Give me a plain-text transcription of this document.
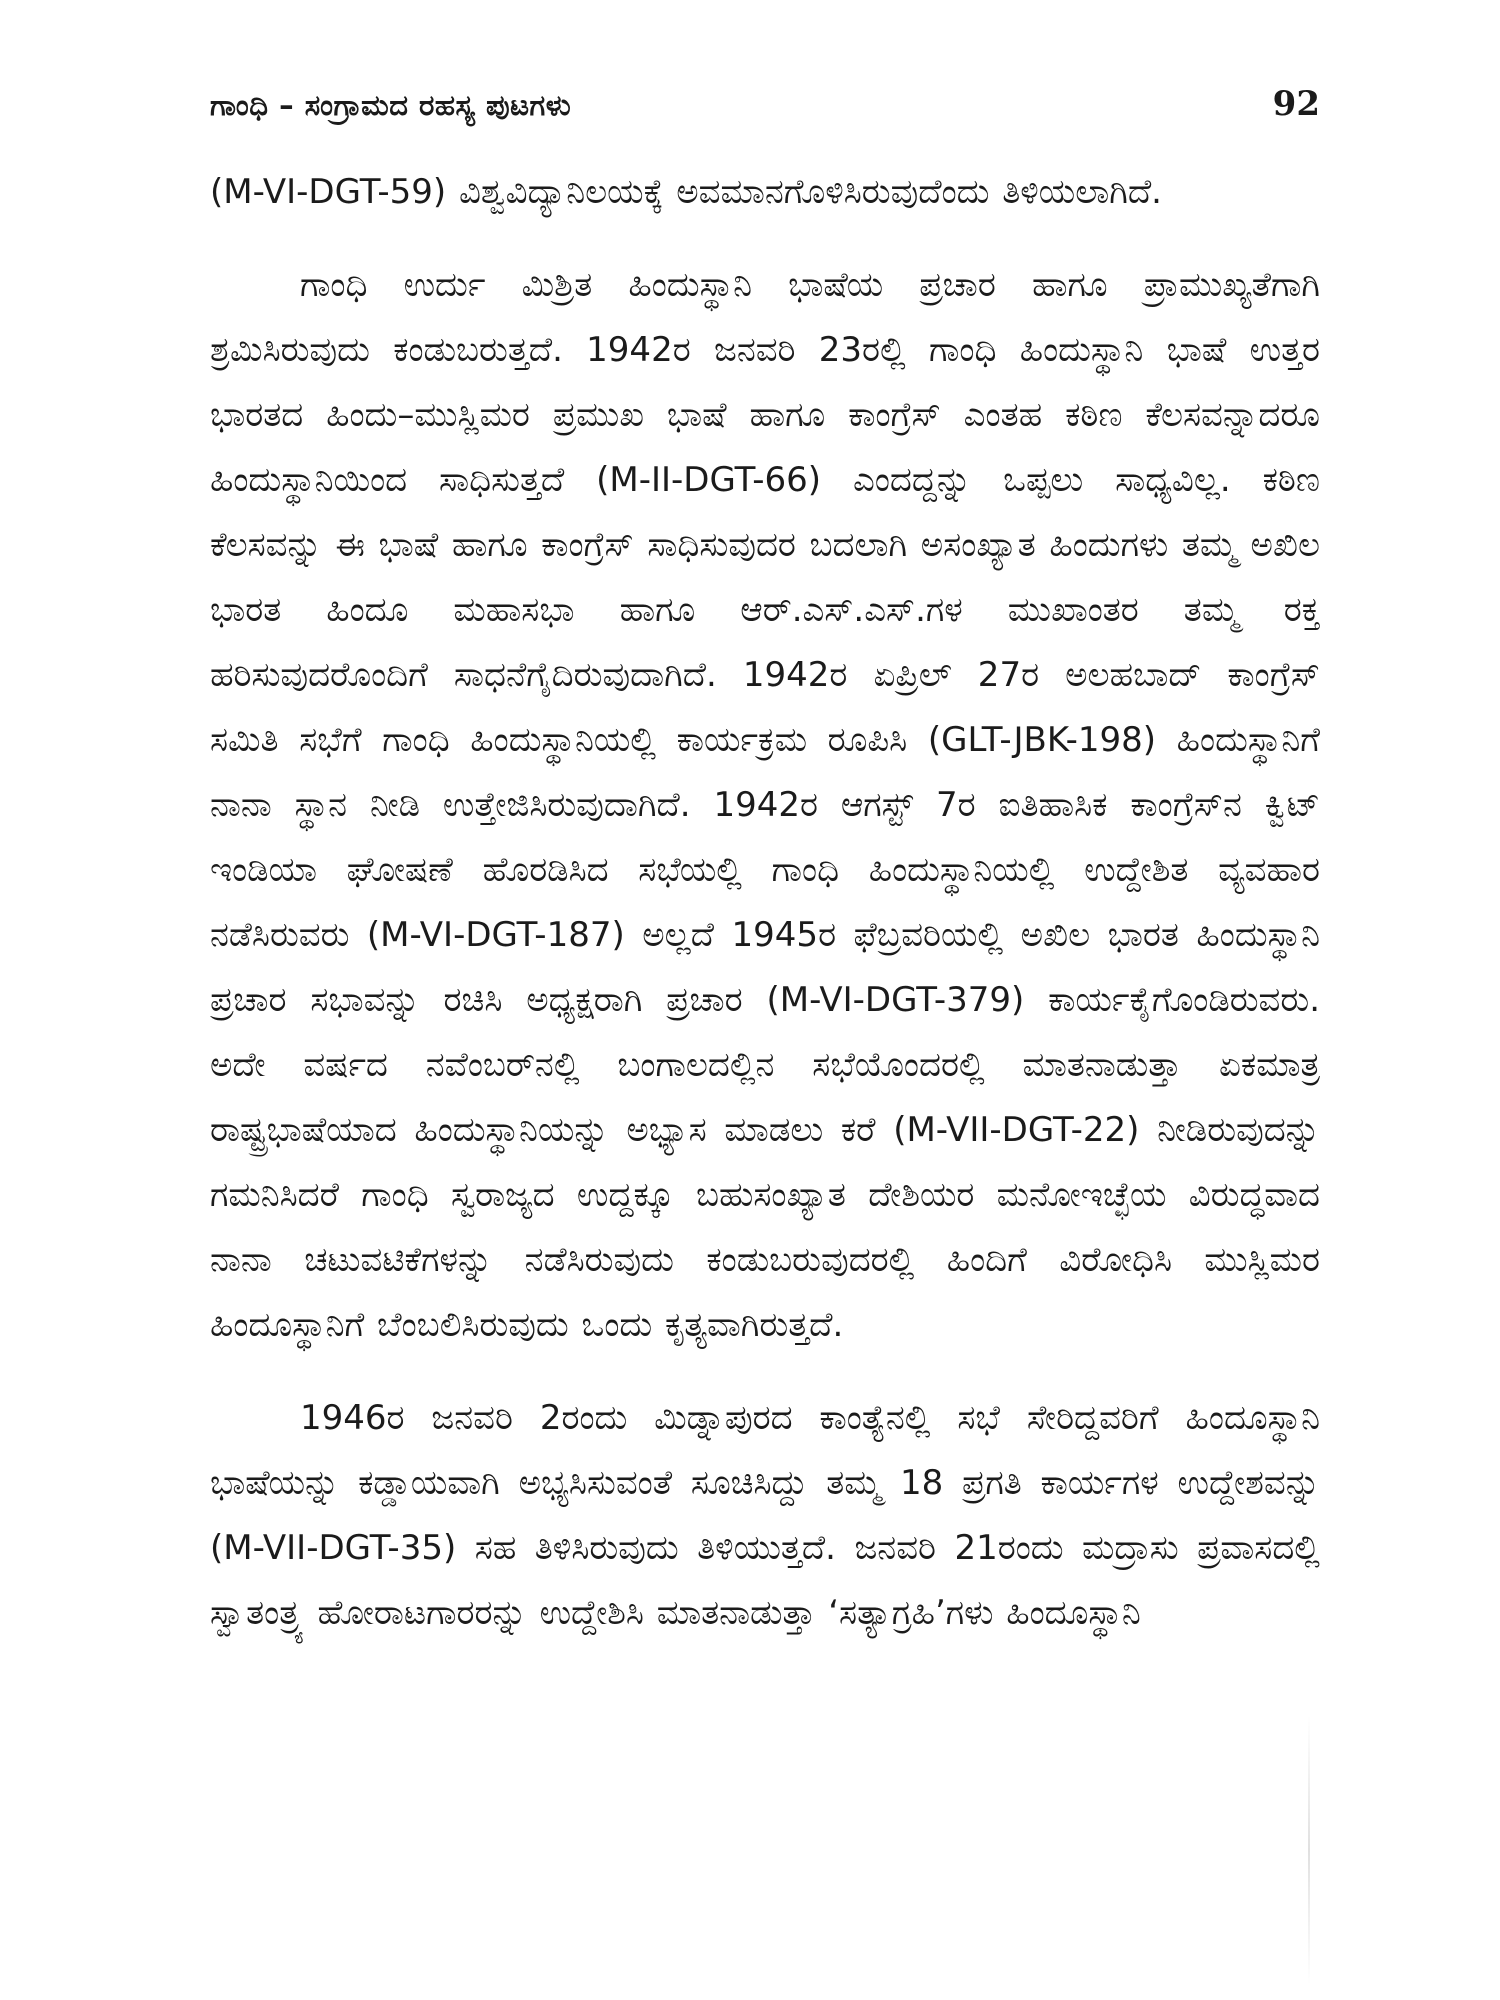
ಗಾಂಧಿ – ಸಂಗ್ರಾಮದ ರಹಸ್ಯ ಪುಟಗಳು	92

(M-VI-DGT-59) ವಿಶ್ವವಿದ್ಯಾನಿಲಯಕ್ಕೆ ಅವಮಾನಗೊಳಿಸಿರುವುದೆಂದು ತಿಳಿಯಲಾಗಿದೆ.

ಗಾಂಧಿ ಉರ್ದು ಮಿಶ್ರಿತ ಹಿಂದುಸ್ಥಾನಿ ಭಾಷೆಯ ಪ್ರಚಾರ ಹಾಗೂ ಪ್ರಾಮುಖ್ಯತೆಗಾಗಿ ಶ್ರಮಿಸಿರುವುದು ಕಂಡುಬರುತ್ತದೆ. 1942ರ ಜನವರಿ 23ರಲ್ಲಿ ಗಾಂಧಿ ಹಿಂದುಸ್ಥಾನಿ ಭಾಷೆ ಉತ್ತರ ಭಾರತದ ಹಿಂದು–ಮುಸ್ಲಿಮರ ಪ್ರಮುಖ ಭಾಷೆ ಹಾಗೂ ಕಾಂಗ್ರೆಸ್ ಎಂತಹ ಕಠಿಣ ಕೆಲಸವನ್ನಾದರೂ ಹಿಂದುಸ್ಥಾನಿಯಿಂದ ಸಾಧಿಸುತ್ತದೆ (M-II-DGT-66) ಎಂದದ್ದನ್ನು ಒಪ್ಪಲು ಸಾಧ್ಯವಿಲ್ಲ. ಕಠಿಣ ಕೆಲಸವನ್ನು ಈ ಭಾಷೆ ಹಾಗೂ ಕಾಂಗ್ರೆಸ್ ಸಾಧಿಸುವುದರ ಬದಲಾಗಿ ಅಸಂಖ್ಯಾತ ಹಿಂದುಗಳು ತಮ್ಮ ಅಖಿಲ ಭಾರತ ಹಿಂದೂ ಮಹಾಸಭಾ ಹಾಗೂ ಆರ್.ಎಸ್.ಎಸ್.ಗಳ ಮುಖಾಂತರ ತಮ್ಮ ರಕ್ತ ಹರಿಸುವುದರೊಂದಿಗೆ ಸಾಧನೆಗೈದಿರುವುದಾಗಿದೆ. 1942ರ ಏಪ್ರಿಲ್ 27ರ ಅಲಹಬಾದ್ ಕಾಂಗ್ರೆಸ್ ಸಮಿತಿ ಸಭೆಗೆ ಗಾಂಧಿ ಹಿಂದುಸ್ಥಾನಿಯಲ್ಲಿ ಕಾರ್ಯಕ್ರಮ ರೂಪಿಸಿ (GLT-JBK-198) ಹಿಂದುಸ್ಥಾನಿಗೆ ನಾನಾ ಸ್ಥಾನ ನೀಡಿ ಉತ್ತೇಜಿಸಿರುವುದಾಗಿದೆ. 1942ರ ಆಗಸ್ಟ್ 7ರ ಐತಿಹಾಸಿಕ ಕಾಂಗ್ರೆಸ್‌ನ ಕ್ವಿಟ್ ಇಂಡಿಯಾ ಘೋಷಣೆ ಹೊರಡಿಸಿದ ಸಭೆಯಲ್ಲಿ ಗಾಂಧಿ ಹಿಂದುಸ್ಥಾನಿಯಲ್ಲಿ ಉದ್ದೇಶಿತ ವ್ಯವಹಾರ ನಡೆಸಿರುವರು (M-VI-DGT-187) ಅಲ್ಲದೆ 1945ರ ಫೆಬ್ರವರಿಯಲ್ಲಿ ಅಖಿಲ ಭಾರತ ಹಿಂದುಸ್ಥಾನಿ ಪ್ರಚಾರ ಸಭಾವನ್ನು ರಚಿಸಿ ಅಧ್ಯಕ್ಷರಾಗಿ ಪ್ರಚಾರ (M-VI-DGT-379) ಕಾರ್ಯಕೈಗೊಂಡಿರುವರು. ಅದೇ ವರ್ಷದ ನವೆಂಬರ್‌ನಲ್ಲಿ ಬಂಗಾಲದಲ್ಲಿನ ಸಭೆಯೊಂದರಲ್ಲಿ ಮಾತನಾಡುತ್ತಾ ಏಕಮಾತ್ರ ರಾಷ್ಟ್ರಭಾಷೆಯಾದ ಹಿಂದುಸ್ಥಾನಿಯನ್ನು ಅಭ್ಯಾಸ ಮಾಡಲು ಕರೆ (M-VII-DGT-22) ನೀಡಿರುವುದನ್ನು ಗಮನಿಸಿದರೆ ಗಾಂಧಿ ಸ್ವರಾಜ್ಯದ ಉದ್ದಕ್ಕೂ ಬಹುಸಂಖ್ಯಾತ ದೇಶಿಯರ ಮನೋಇಚ್ಛೆಯ ವಿರುದ್ಧವಾದ ನಾನಾ ಚಟುವಟಿಕೆಗಳನ್ನು ನಡೆಸಿರುವುದು ಕಂಡುಬರುವುದರಲ್ಲಿ ಹಿಂದಿಗೆ ವಿರೋಧಿಸಿ ಮುಸ್ಲಿಮರ ಹಿಂದೂಸ್ಥಾನಿಗೆ ಬೆಂಬಲಿಸಿರುವುದು ಒಂದು ಕೃತ್ಯವಾಗಿರುತ್ತದೆ.

1946ರ ಜನವರಿ 2ರಂದು ಮಿಡ್ನಾಪುರದ ಕಾಂತ್ಯೆನಲ್ಲಿ ಸಭೆ ಸೇರಿದ್ದವರಿಗೆ ಹಿಂದೂಸ್ಥಾನಿ ಭಾಷೆಯನ್ನು ಕಡ್ಡಾಯವಾಗಿ ಅಭ್ಯಸಿಸುವಂತೆ ಸೂಚಿಸಿದ್ದು ತಮ್ಮ 18 ಪ್ರಗತಿ ಕಾರ್ಯಗಳ ಉದ್ದೇಶವನ್ನು (M-VII-DGT-35) ಸಹ ತಿಳಿಸಿರುವುದು ತಿಳಿಯುತ್ತದೆ. ಜನವರಿ 21ರಂದು ಮದ್ರಾಸು ಪ್ರವಾಸದಲ್ಲಿ ಸ್ವಾತಂತ್ರ್ಯ ಹೋರಾಟಗಾರರನ್ನು ಉದ್ದೇಶಿಸಿ ಮಾತನಾಡುತ್ತಾ ‘ಸತ್ಯಾಗ್ರಹಿ’ಗಳು ಹಿಂದೂಸ್ಥಾನಿ
